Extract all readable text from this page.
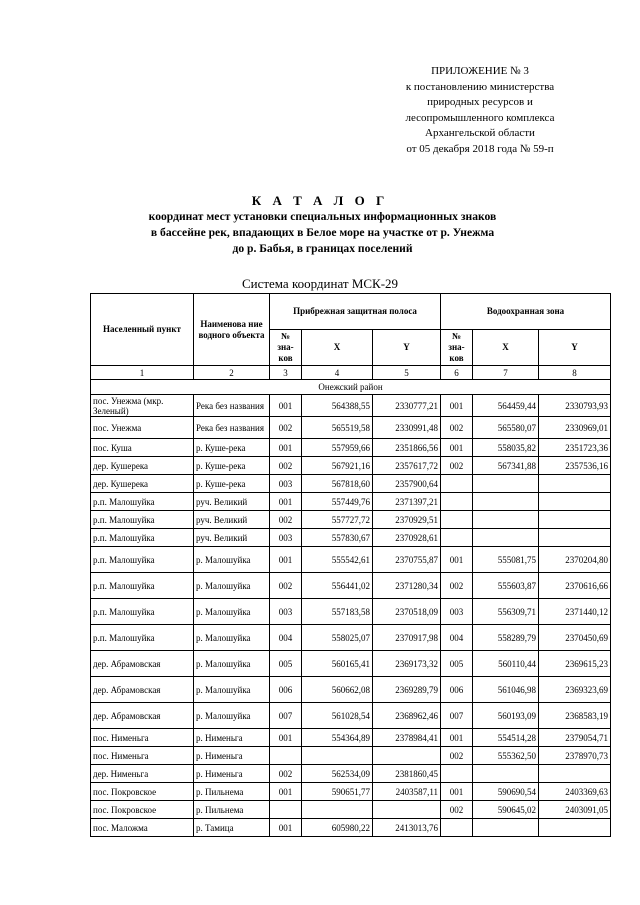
ПРИЛОЖЕНИЕ № 3
к постановлению министерства
природных ресурсов и
лесопромышленного комплекса
Архангельской области
от 05 декабря 2018 года № 59-п
К А Т А Л О Г
координат мест установки специальных информационных знаков
в бассейне рек, впадающих в Белое море на участке от р. Унежма
до р. Бабья, в границах поселений
Система координат МСК-29
Населенный пункт	Наименова ние водного объекта	Прибрежная защитная полоса			Водоохранная зона		
		№ зна- ков	X	Y	№ зна- ков	X	Y
1	2	3	4	5	6	7	8
Онежский район							
пос. Унежма (мкр. Зеленый)	Река без названия	001	564388,55	2330777,21	001	564459,44	2330793,93
пос. Унежма	Река без названия	002	565519,58	2330991,48	002	565580,07	2330969,01
пос. Куша	р. Куше-река	001	557959,66	2351866,56	001	558035,82	2351723,36
дер. Кушерека	р. Куше-река	002	567921,16	2357617,72	002	567341,88	2357536,16
дер. Кушерека	р. Куше-река	003	567818,60	2357900,64			
р.п. Малошуйка	руч. Великий	001	557449,76	2371397,21			
р.п. Малошуйка	руч. Великий	002	557727,72	2370929,51			
р.п. Малошуйка	руч. Великий	003	557830,67	2370928,61			
р.п. Малошуйка	р. Малошуйка	001	555542,61	2370755,87	001	555081,75	2370204,80
р.п. Малошуйка	р. Малошуйка	002	556441,02	2371280,34	002	555603,87	2370616,66
р.п. Малошуйка	р. Малошуйка	003	557183,58	2370518,09	003	556309,71	2371440,12
р.п. Малошуйка	р. Малошуйка	004	558025,07	2370917,98	004	558289,79	2370450,69
дер. Абрамовская	р. Малошуйка	005	560165,41	2369173,32	005	560110,44	2369615,23
дер. Абрамовская	р. Малошуйка	006	560662,08	2369289,79	006	561046,98	2369323,69
дер. Абрамовская	р. Малошуйка	007	561028,54	2368962,46	007	560193,09	2368583,19
пос. Нименьга	р. Нименьга	001	554364,89	2378984,41	001	554514,28	2379054,71
пос. Нименьга	р. Нименьга				002	555362,50	2378970,73
дер. Нименьга	р. Нименьга	002	562534,09	2381860,45			
пос. Покровское	р. Пильнема	001	590651,77	2403587,11	001	590690,54	2403369,63
пос. Покровское	р. Пильнема				002	590645,02	2403091,05
пос. Маложма	р. Тамица	001	605980,22	2413013,76			
